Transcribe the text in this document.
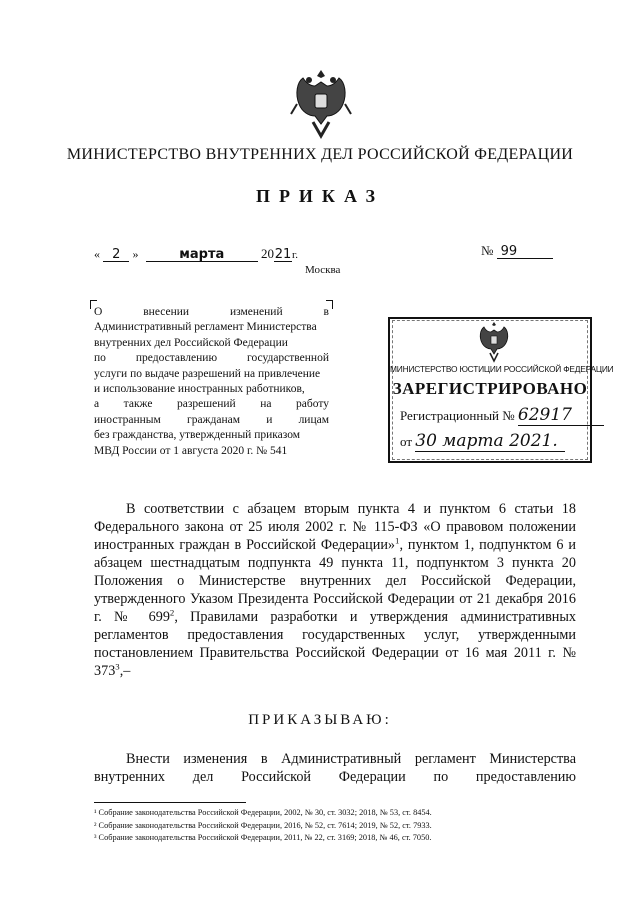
МИНИСТЕРСТВО ВНУТРЕННИХ ДЕЛ РОССИЙСКОЙ ФЕДЕРАЦИИ
ПРИКАЗ
« 2 »	марта	2021г.
Москва
№ 99
О внесении изменений в
Административный регламент Министерства
внутренних дел Российской Федерации
по предоставлению государственной
услуги по выдаче разрешений на привлечение
и использование иностранных работников,
а также разрешений на работу
иностранным гражданам и лицам
без гражданства, утвержденный приказом
МВД России от 1 августа 2020 г. № 541
МИНИСТЕРСТВО ЮСТИЦИИ РОССИЙСКОЙ ФЕДЕРАЦИИ
ЗАРЕГИСТРИРОВАНО
Регистрационный № 62917
от 30 марта 2021.
В соответствии с абзацем вторым пункта 4 и пунктом 6 статьи 18 Федерального закона от 25 июля 2002 г. № 115-ФЗ «О правовом положении иностранных граждан в Российской Федерации»$^1$, пунктом 1, подпунктом 6 и абзацем шестнадцатым подпункта 49 пункта 11, подпунктом 3 пункта 20 Положения о Министерстве внутренних дел Российской Федерации, утвержденного Указом Президента Российской Федерации от 21 декабря 2016 г. № $699^2$, Правилами разработки и утверждения административных регламентов предоставления государственных услуг, утвержденными постановлением Правительства Российской Федерации от 16 мая 2011 г. № $373^3,-$
ПРИКАЗЫВАЮ:
Внести изменения в Административный регламент Министерства внутренних дел Российской Федерации по предоставлению
¹ Собрание законодательства Российской Федерации, 2002, № 30, ст. 3032; 2018, № 53, ст. 8454.
² Собрание законодательства Российской Федерации, 2016, № 52, ст. 7614; 2019, № 52, ст. 7933.
³ Собрание законодательства Российской Федерации, 2011, № 22, ст. 3169; 2018, № 46, ст. 7050.
